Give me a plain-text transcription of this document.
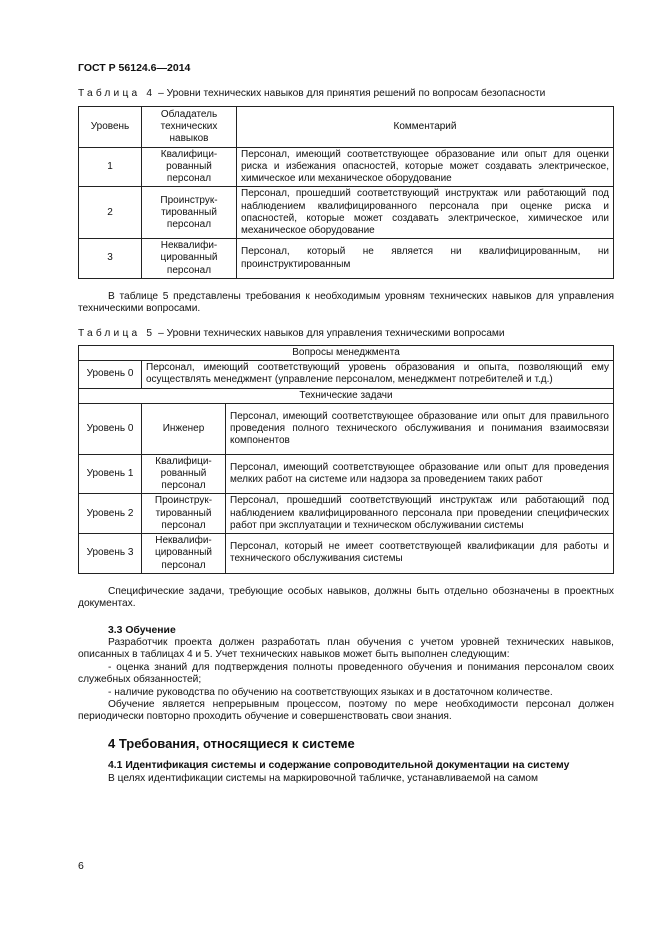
ГОСТ Р 56124.6—2014
Таблица 4 – Уровни технических навыков для принятия решений по вопросам безопасности
Уровень	Обладатель технических навыков	Комментарий
1	Квалифици-рованный персонал	Персонал, имеющий соответствующее образование или опыт для оценки риска и избежания опасностей, которые может создавать электрическое, химическое или механическое оборудование
2	Проинструк-тированный персонал	Персонал, прошедший соответствующий инструктаж или работающий под наблюдением квалифицированного персонала при оценке риска и опасностей, которые может создавать электрическое, химическое или механическое оборудование
3	Неквалифи-цированный персонал	Персонал, который не является ни квалифицированным, ни проинструктированным

В таблице 5 представлены требования к необходимым уровням технических навыков для управления техническими вопросами.

Таблица 5 – Уровни технических навыков для управления техническими вопросами
Вопросы менеджмента		
Уровень 0	Персонал, имеющий соответствующий уровень образования и опыта, позволяющий ему осуществлять менеджмент (управление персоналом, менеджмент потребителей и т.д.)	
Технические задачи		
Уровень 0	Инженер	Персонал, имеющий соответствующее образование или опыт для правильного проведения полного технического обслуживания и понимания взаимосвязи компонентов
Уровень 1	Квалифици-рованный персонал	Персонал, имеющий соответствующее образование или опыт для проведения мелких работ на системе или надзора за проведением таких работ
Уровень 2	Проинструк-тированный персонал	Персонал, прошедший соответствующий инструктаж или работающий под наблюдением квалифицированного персонала при проведении специфических работ при эксплуатации и техническом обслуживании системы
Уровень 3	Неквалифи-цированный персонал	Персонал, который не имеет соответствующей квалификации для работы и технического обслуживания системы

Специфические задачи, требующие особых навыков, должны быть отдельно обозначены в проектных документах.

3.3 Обучение

Разработчик проекта должен разработать план обучения с учетом уровней технических навыков, описанных в таблицах 4 и 5. Учет технических навыков может быть выполнен следующим:

- оценка знаний для подтверждения полноты проведенного обучения и понимания персоналом своих служебных обязанностей;

- наличие руководства по обучению на соответствующих языках и в достаточном количестве.

Обучение является непрерывным процессом, поэтому по мере необходимости персонал должен периодически повторно проходить обучение и совершенствовать свои знания.

4 Требования, относящиеся к системе
4.1 Идентификация системы и содержание сопроводительной документации на систему

В целях идентификации системы на маркировочной табличке, устанавливаемой на самом

6
